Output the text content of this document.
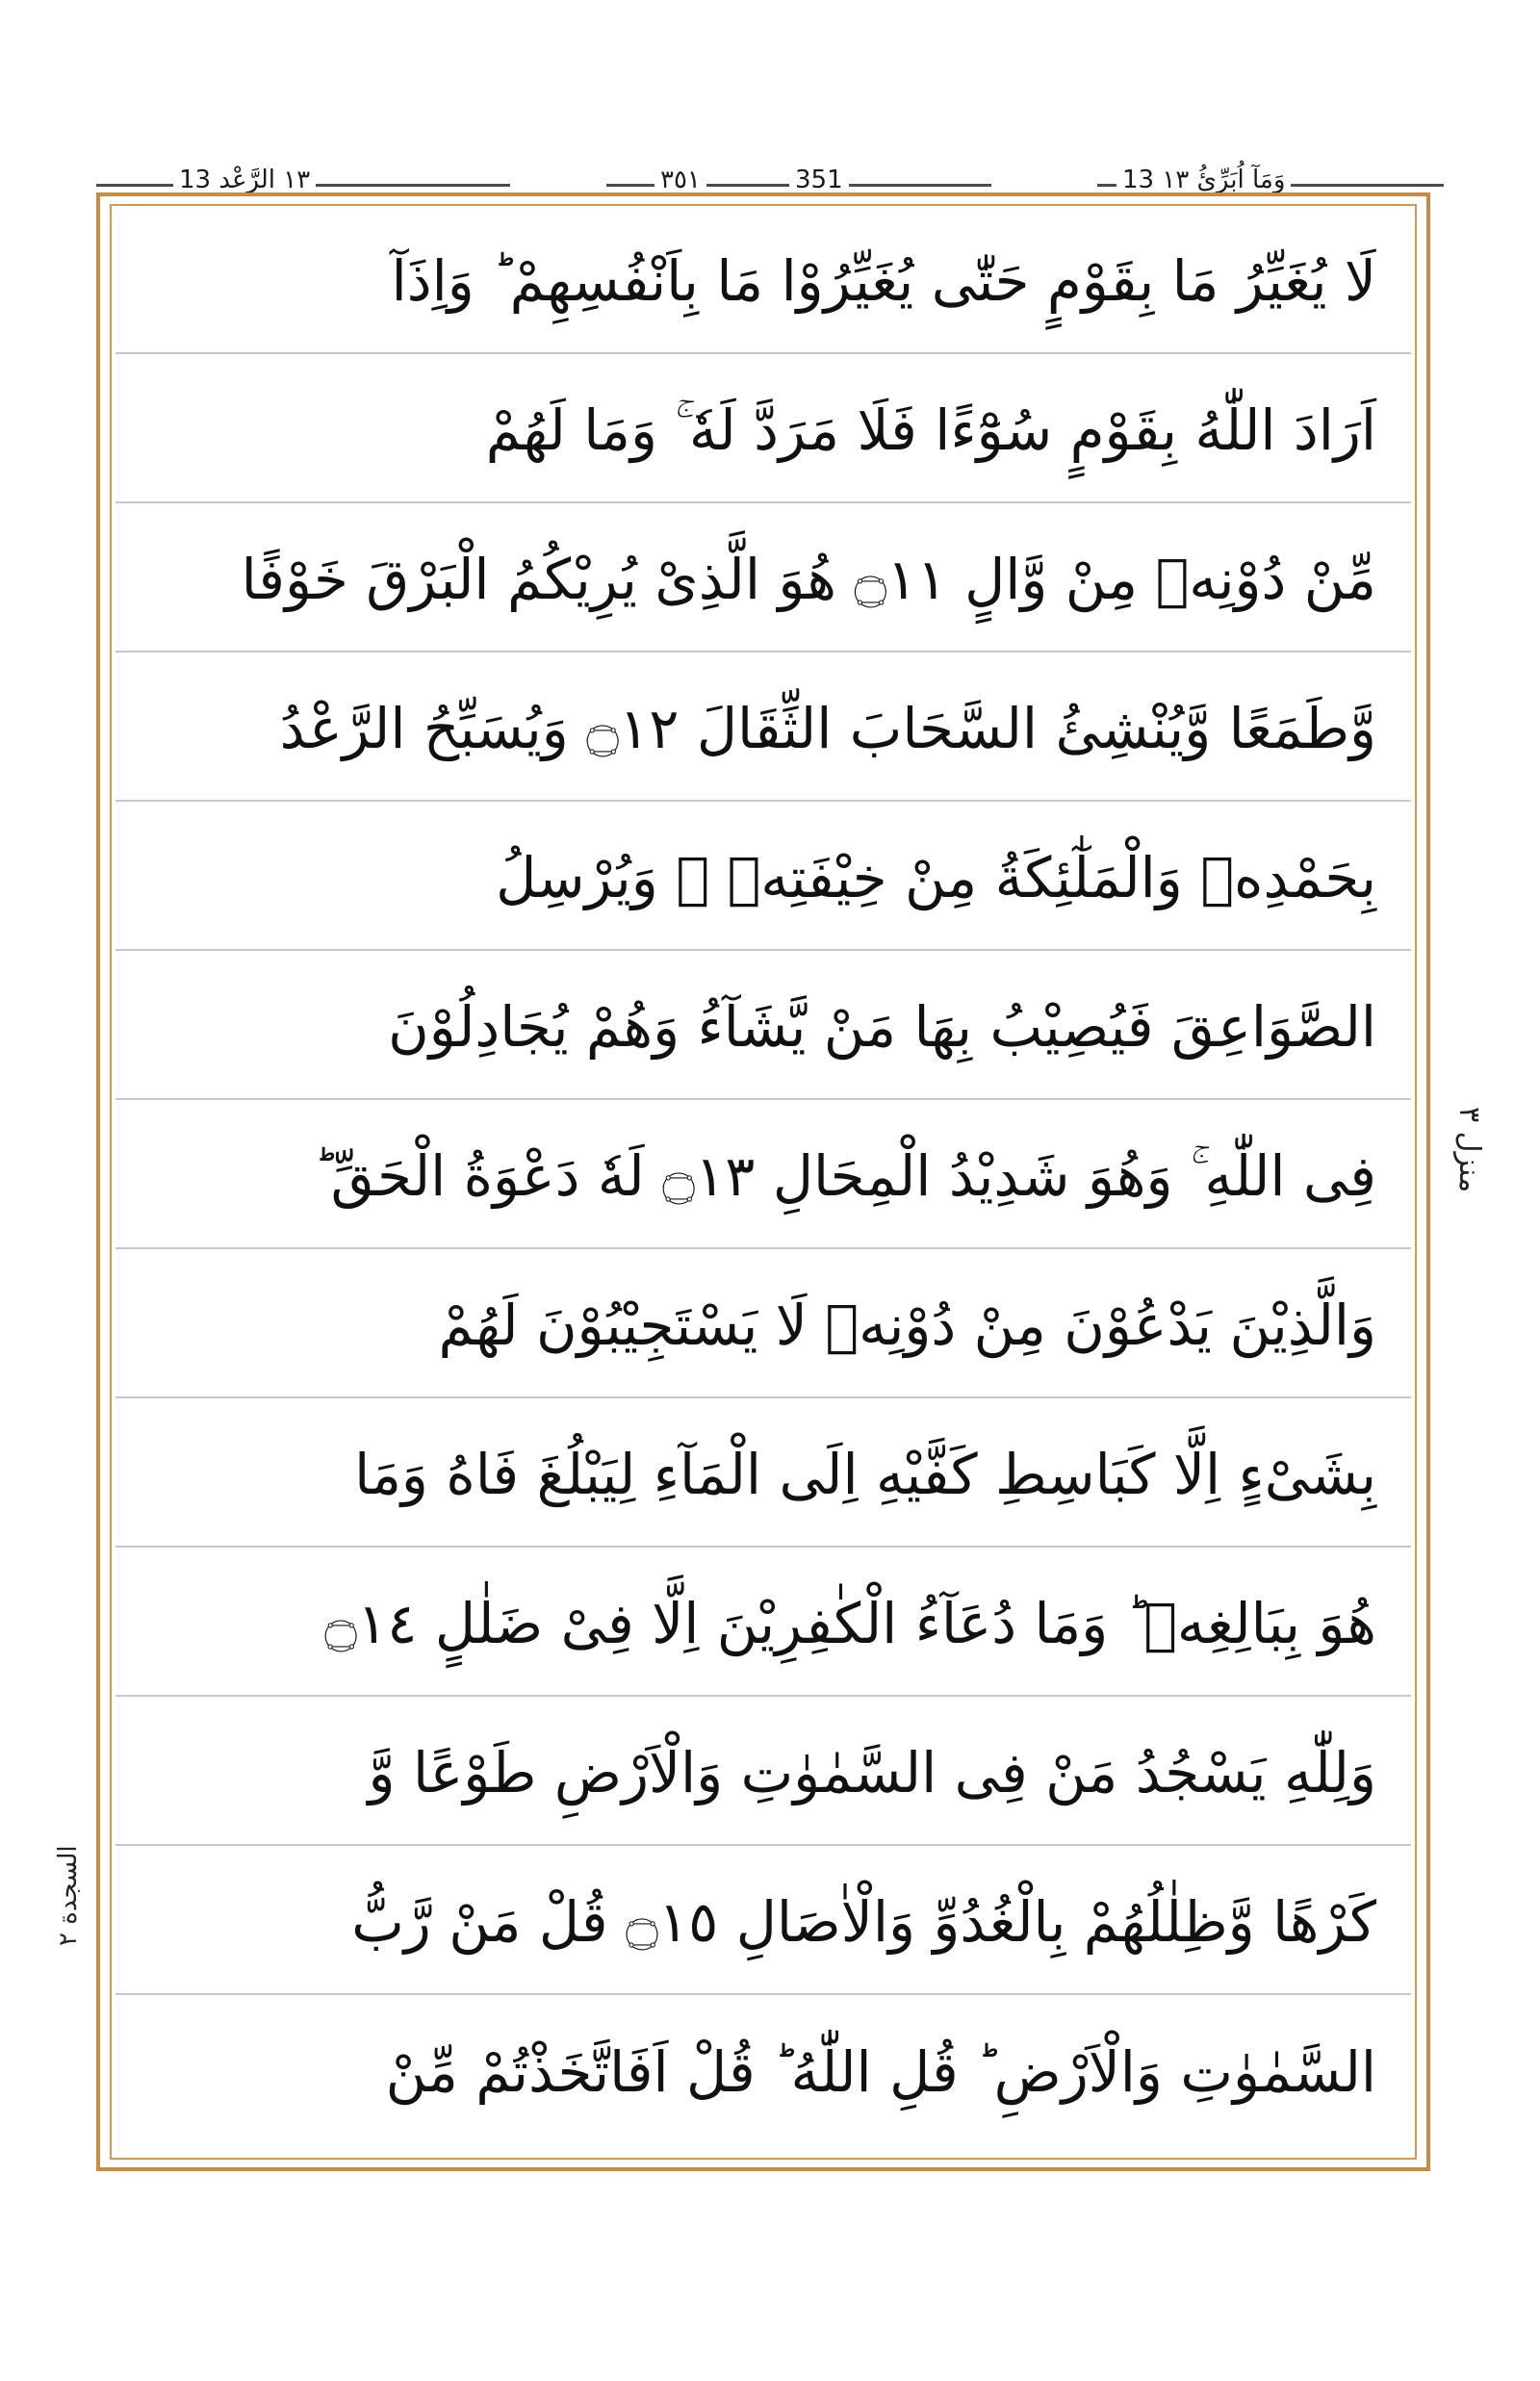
١٣ الرَّعْد 13	٣٥١	351	13 وَمَآ اُبَرِّئُ ١٣
لَا يُغَيِّرُ مَا بِقَوْمٍ حَتّٰى يُغَيِّرُوْا مَا بِاَنْفُسِهِمْ ؕ وَاِذَآ
اَرَادَ اللّٰهُ بِقَوْمٍ سُوْٓءًا فَلَا مَرَدَّ لَهٗ ۚ وَمَا لَهُمْ
مِّنْ دُوْنِهٖ مِنْ وَّالٍ ۝١١ هُوَ الَّذِیْ یُرِیْكُمُ الْبَرْقَ خَوْفًا
وَّطَمَعًا وَّیُنْشِئُ السَّحَابَ الثِّقَالَ ۝١٢ وَیُسَبِّحُ الرَّعْدُ
بِحَمْدِهٖ وَالْمَلٰٓئِكَةُ مِنْ خِیْفَتِهٖ ۚ وَیُرْسِلُ
الصَّوَاعِقَ فَیُصِیْبُ بِهَا مَنْ یَّشَآءُ وَهُمْ یُجَادِلُوْنَ
فِی اللّٰهِ ۚ وَهُوَ شَدِیْدُ الْمِحَالِ ۝١٣ لَهٗ دَعْوَةُ الْحَقِّ ؕ
وَالَّذِیْنَ یَدْعُوْنَ مِنْ دُوْنِهٖ لَا یَسْتَجِیْبُوْنَ لَهُمْ
بِشَیْءٍ اِلَّا كَبَاسِطِ كَفَّیْهِ اِلَى الْمَآءِ لِیَبْلُغَ فَاهُ وَمَا
هُوَ بِبَالِغِهٖ ؕ وَمَا دُعَآءُ الْكٰفِرِیْنَ اِلَّا فِیْ ضَلٰلٍ ۝١٤
وَلِلّٰهِ یَسْجُدُ مَنْ فِی السَّمٰوٰتِ وَالْاَرْضِ طَوْعًا وَّ
كَرْهًا وَّظِلٰلُهُمْ بِالْغُدُوِّ وَالْاٰصَالِ ۝١٥ قُلْ مَنْ رَّبُّ
السَّمٰوٰتِ وَالْاَرْضِ ؕ قُلِ اللّٰهُ ؕ قُلْ اَفَاتَّخَذْتُمْ مِّنْ
منزل ٣
السجدة ٢
